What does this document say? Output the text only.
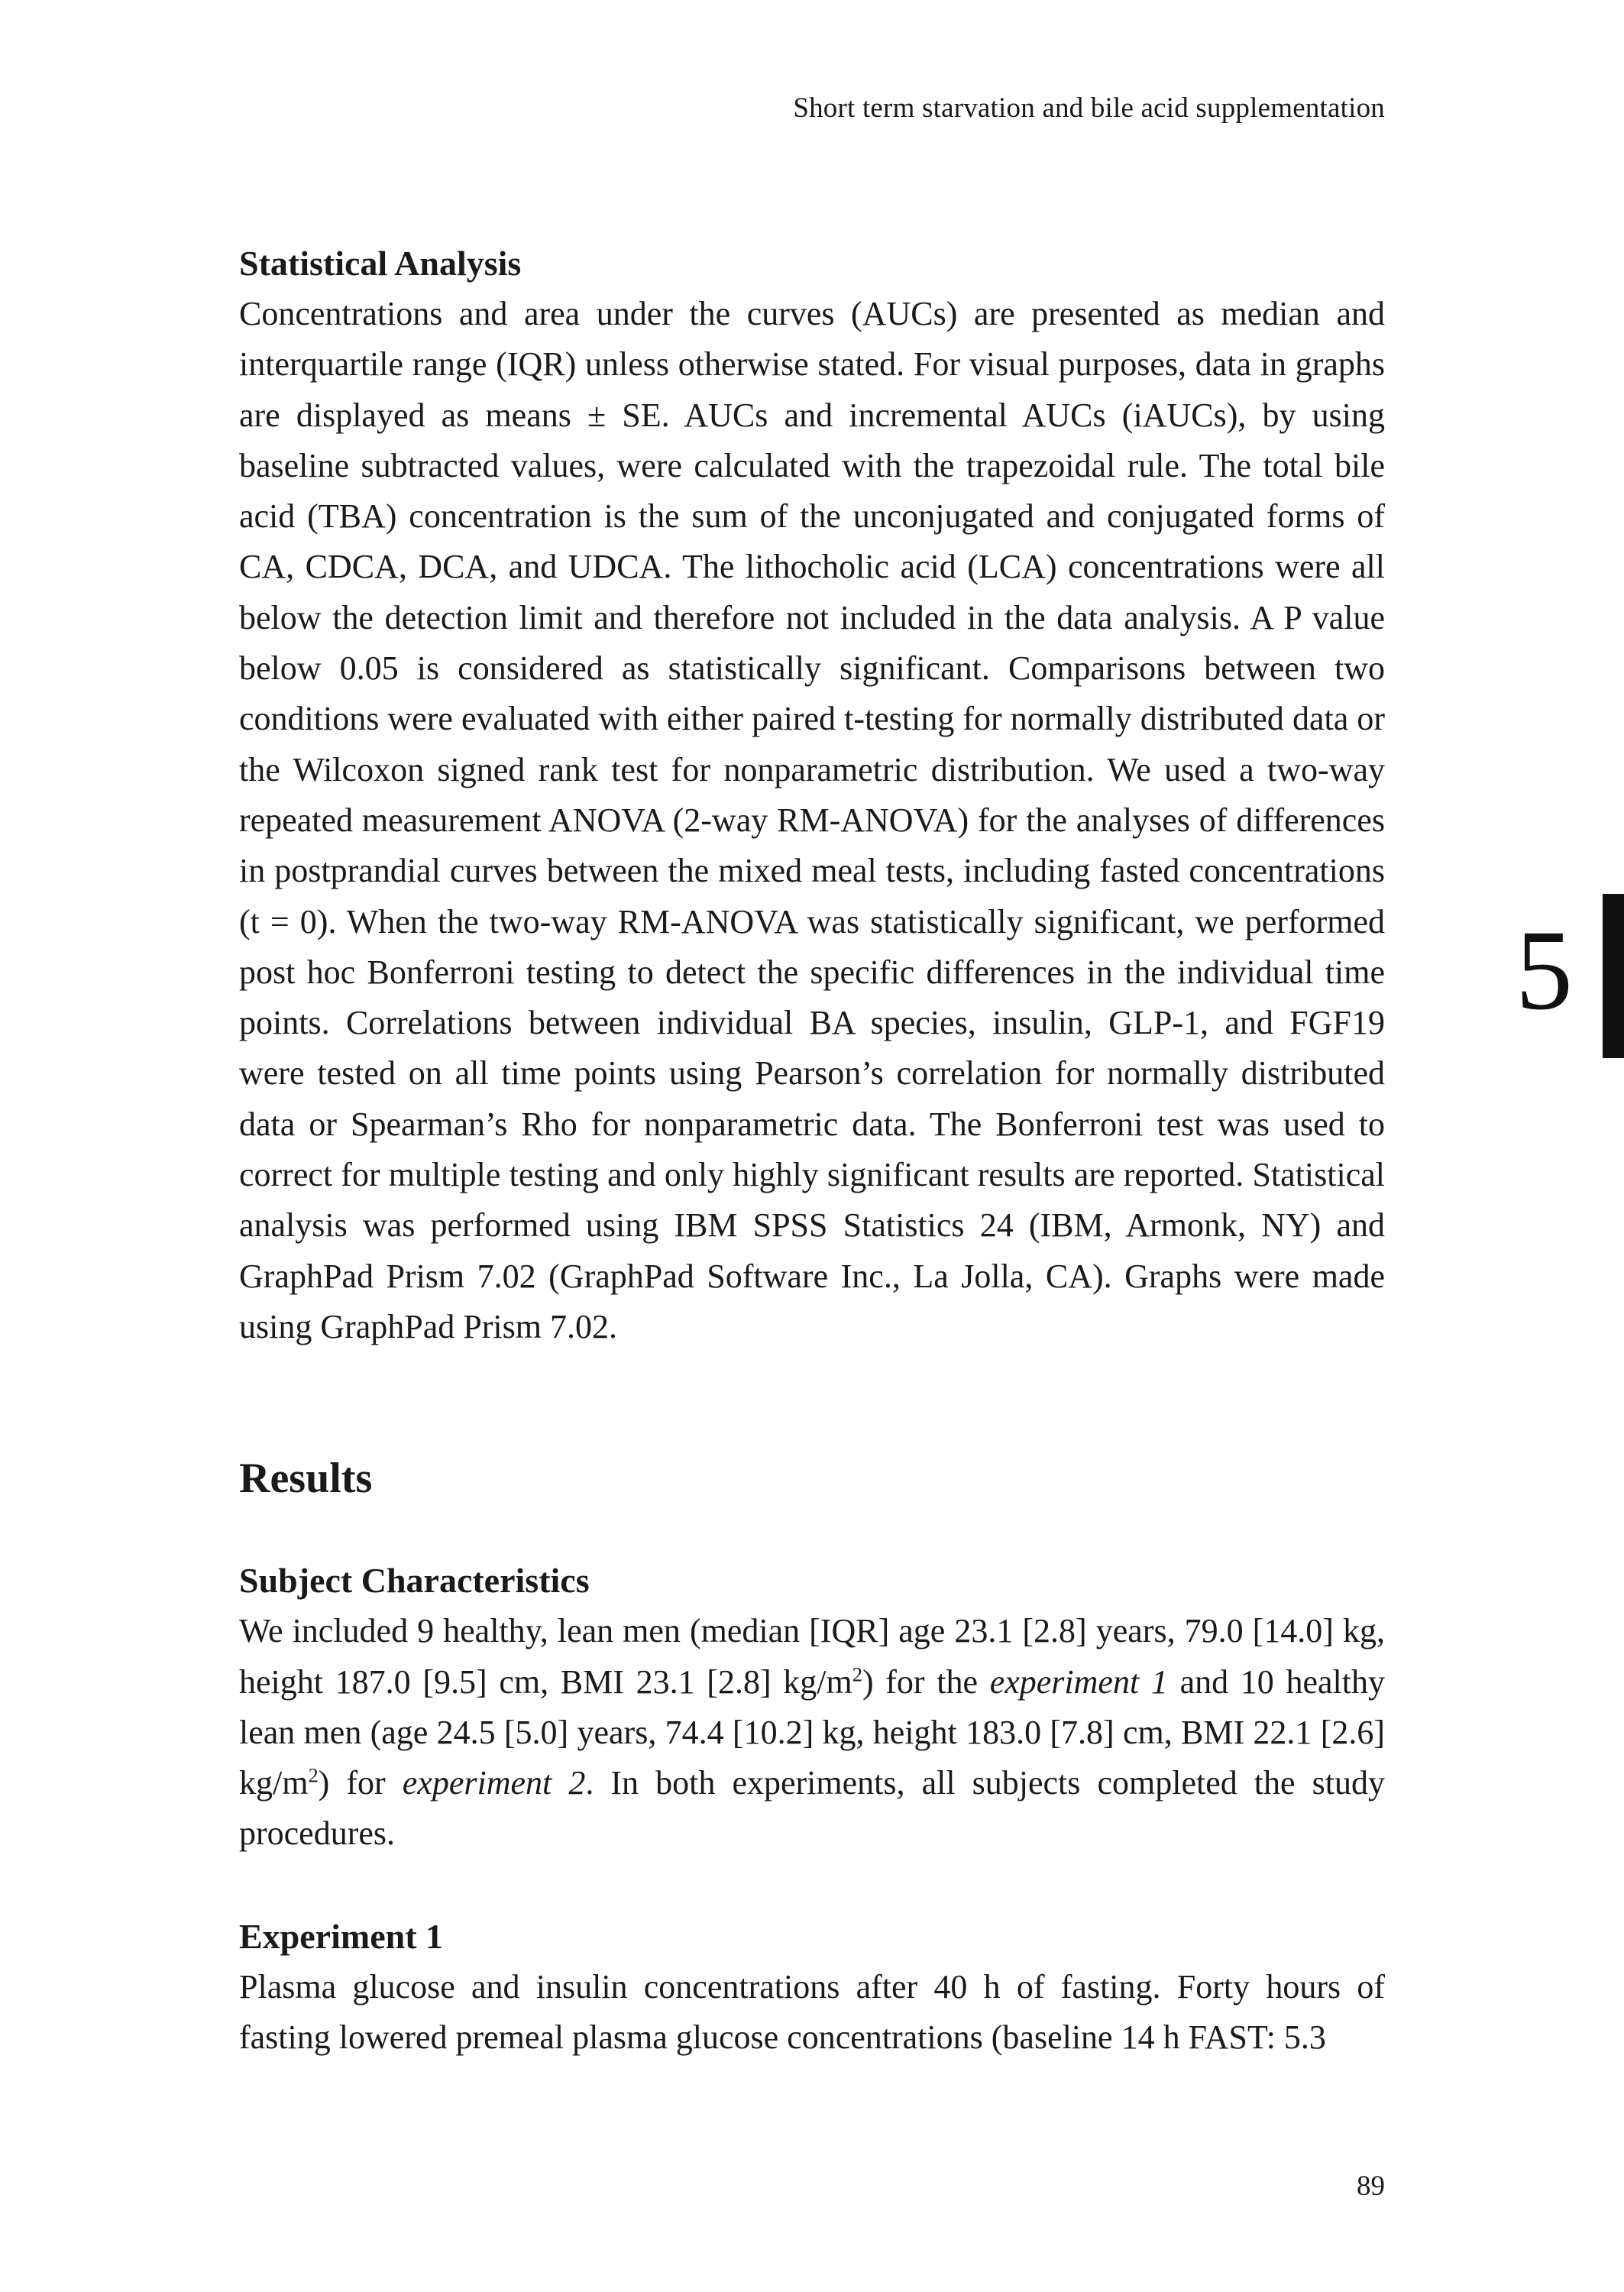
Short term starvation and bile acid supplementation
5
Statistical Analysis

Concentrations and area under the curves (AUCs) are presented as median and interquartile range (IQR) unless otherwise stated. For visual purposes, data in graphs are displayed as means ± SE. AUCs and incremental AUCs (iAUCs), by using baseline subtracted values, were calculated with the trapezoidal rule. The total bile acid (TBA) concentration is the sum of the unconjugated and conjugated forms of CA, CDCA, DCA, and UDCA. The lithocholic acid (LCA) concentrations were all below the detection limit and therefore not included in the data analysis. A P value below 0.05 is considered as statistically significant. Comparisons between two conditions were evaluated with either paired t-testing for normally distributed data or the Wilcoxon signed rank test for nonparametric distribution. We used a two-way repeated measurement ANOVA (2-way RM-ANOVA) for the analyses of differences in postprandial curves between the mixed meal tests, including fasted concentrations (t = 0). When the two-way RM-ANOVA was statistically significant, we performed post hoc Bonferroni testing to detect the specific differences in the individual time points. Correlations between individual BA species, insulin, GLP-1, and FGF19 were tested on all time points using Pearson’s correlation for normally distributed data or Spearman’s Rho for nonparametric data. The Bonferroni test was used to correct for multiple testing and only highly significant results are reported. Statistical analysis was performed using IBM SPSS Statistics 24 (IBM, Armonk, NY) and GraphPad Prism 7.02 (GraphPad Software Inc., La Jolla, CA). Graphs were made using GraphPad Prism 7.02.

Results
Subject Characteristics

We included 9 healthy, lean men (median [IQR] age 23.1 [2.8] years, 79.0 [14.0] kg, height 187.0 [9.5] cm, BMI 23.1 [2.8] $kg/m^2$) for the experiment 1 and 10 healthy lean men (age 24.5 [5.0] years, 74.4 [10.2] kg, height 183.0 [7.8] cm, BMI 22.1 [2.6] $kg/m^2$) for experiment 2. In both experiments, all subjects completed the study procedures.

Experiment 1

Plasma glucose and insulin concentrations after 40 h of fasting. Forty hours of fasting lowered premeal plasma glucose concentrations (baseline 14 h FAST: 5.3

89
